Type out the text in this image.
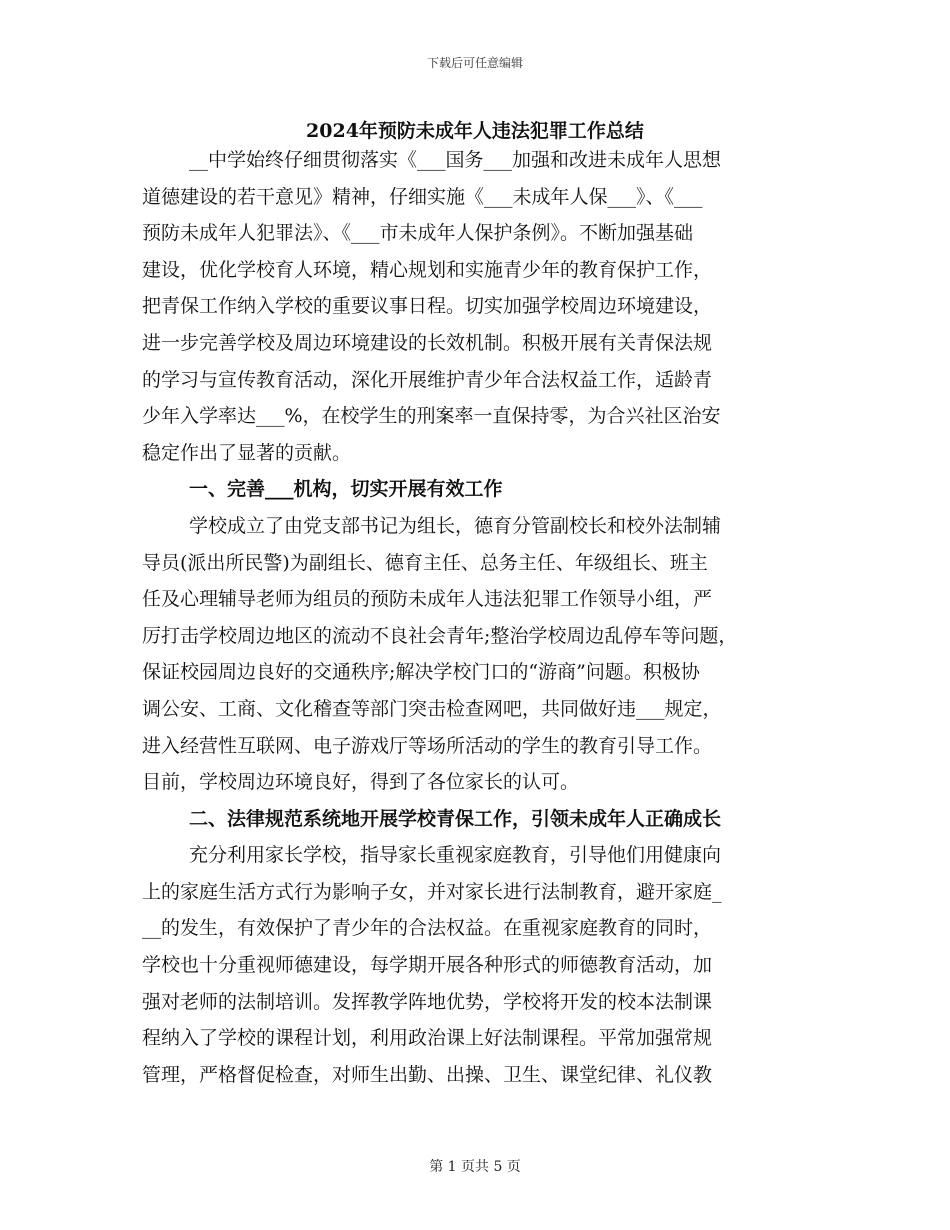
下载后可任意编辑
2024年预防未成年人违法犯罪工作总结
__中学始终仔细贯彻落实《___国务___加强和改进未成年人思想
道德建设的若干意见》精神，仔细实施《___未成年人保___》、《___
预防未成年人犯罪法》、《___市未成年人保护条例》。不断加强基础
建设，优化学校育人环境，精心规划和实施青少年的教育保护工作，
把青保工作纳入学校的重要议事日程。切实加强学校周边环境建设，
进一步完善学校及周边环境建设的长效机制。积极开展有关青保法规
的学习与宣传教育活动，深化开展维护青少年合法权益工作，适龄青
少年入学率达___%，在校学生的刑案率一直保持零，为合兴社区治安
稳定作出了显著的贡献。
一、完善___机构，切实开展有效工作
学校成立了由党支部书记为组长，德育分管副校长和校外法制辅
导员(派出所民警)为副组长、德育主任、总务主任、年级组长、班主
任及心理辅导老师为组员的预防未成年人违法犯罪工作领导小组，严
厉打击学校周边地区的流动不良社会青年;整治学校周边乱停车等问题，
保证校园周边良好的交通秩序;解决学校门口的“游商”问题。积极协
调公安、工商、文化稽查等部门突击检查网吧，共同做好违___规定，
进入经营性互联网、电子游戏厅等场所活动的学生的教育引导工作。
目前，学校周边环境良好，得到了各位家长的认可。
二、法律规范系统地开展学校青保工作，引领未成年人正确成长
充分利用家长学校，指导家长重视家庭教育，引导他们用健康向
上的家庭生活方式行为影响子女，并对家长进行法制教育，避开家庭_
__的发生，有效保护了青少年的合法权益。在重视家庭教育的同时，
学校也十分重视师德建设，每学期开展各种形式的师德教育活动，加
强对老师的法制培训。发挥教学阵地优势，学校将开发的校本法制课
程纳入了学校的课程计划，利用政治课上好法制课程。平常加强常规
管理，严格督促检查，对师生出勤、出操、卫生、课堂纪律、礼仪教
第 1 页共 5 页
